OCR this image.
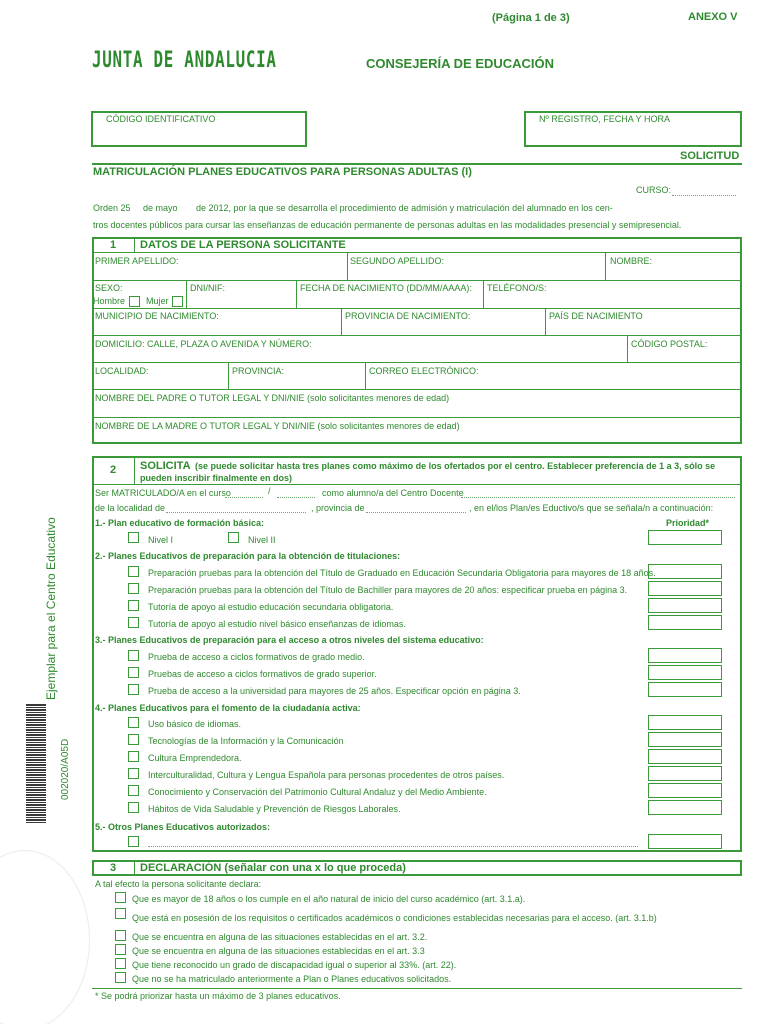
(Página 1 de 3)	ANEXO V
JUNTA DE ANDALUCIA	CONSEJERÍA DE EDUCACIÓN
CÓDIGO IDENTIFICATIVO	Nº REGISTRO, FECHA Y HORA
SOLICITUD
MATRICULACIÓN PLANES EDUCATIVOS PARA PERSONAS ADULTAS (I)
CURSO:
Orden 25 de mayo de 2012, por la que se desarrolla el procedimiento de admisión y matriculación del alumnado en los cen-
tros docentes públicos para cursar las enseñanzas de educación permanente de personas adultas en las modalidades presencial y semipresencial.
1 DATOS DE LA PERSONA SOLICITANTE
PRIMER APELLIDO:	SEGUNDO APELLIDO:	NOMBRE:
SEXO:
Hombre Mujer
DNI/NIF:	FECHA DE NACIMIENTO (DD/MM/AAAA): TELÉFONO/S:
MUNICIPIO DE NACIMIENTO:	PROVINCIA DE NACIMIENTO:	PAÍS DE NACIMIENTO
DOMICILIO: CALLE, PLAZA O AVENIDA Y NÚMERO:	CÓDIGO POSTAL:
LOCALIDAD:	PROVINCIA:	CORREO ELECTRÓNICO:
NOMBRE DEL PADRE O TUTOR LEGAL Y DNI/NIE (solo solicitantes menores de edad)
NOMBRE DE LA MADRE O TUTOR LEGAL Y DNI/NIE (solo solicitantes menores de edad)
2 SOLICITA (se puede solicitar hasta tres planes como máximo de los ofertados por el centro. Establecer preferencia de 1 a 3, sólo se
pueden inscribir finalmente en dos)
Ser MATRICULADO/A en el curso	/	como alumno/a del Centro Docente
de la localidad de	, provincia de	, en el/los Plan/es Eductivo/s que se señala/n a continuación:
1.- Plan educativo de formación básica:	Prioridad*
Nivel I	Nivel II
2.- Planes Educativos de preparación para la obtención de titulaciones:
Preparación pruebas para la obtención del Título de Graduado en Educación Secundaria Obligatoria para mayores de 18 años.
Preparación pruebas para la obtención del Título de Bachiller para mayores de 20 años: especificar prueba en página 3.
Tutoría de apoyo al estudio educación secundaria obligatoria.
Tutoría de apoyo al estudio nivel básico enseñanzas de idiomas.
3.- Planes Educativos de preparación para el acceso a otros niveles del sistema educativo:
Prueba de acceso a ciclos formativos de grado medio.
Pruebas de acceso a ciclos formativos de grado superior.
Prueba de acceso a la universidad para mayores de 25 años. Especificar opción en página 3.
4.- Planes Educativos para el fomento de la ciudadanía activa:
Uso básico de idiomas.
Tecnologías de la Información y la Comunicación
Cultura Emprendedora.
Interculturalidad, Cultura y Lengua Española para personas procedentes de otros países.
Conocimiento y Conservación del Patrimonio Cultural Andaluz y del Medio Ambiente.
Hábitos de Vida Saludable y Prevención de Riesgos Laborales.
5.- Otros Planes Educativos autorizados:
3 DECLARACIÓN (señalar con una x lo que proceda)
A tal efecto la persona solicitante declara:
Que es mayor de 18 años o los cumple en el año natural de inicio del curso académico (art. 3.1.a).
Que está en posesión de los requisitos o certificados académicos o condiciones establecidas necesarias para el acceso. (art. 3.1.b)
Que se encuentra en alguna de las situaciones establecidas en el art. 3.2.
Que se encuentra en alguna de las situaciones establecidas en el art. 3.3
Que tiene reconocido un grado de discapacidad igual o superior al 33%. (art. 22).
Que no se ha matriculado anteriormente a Plan o Planes educativos solicitados.
* Se podrá priorizar hasta un máximo de 3 planes educativos.
Ejemplar para el Centro Educativo
002020/A05D
